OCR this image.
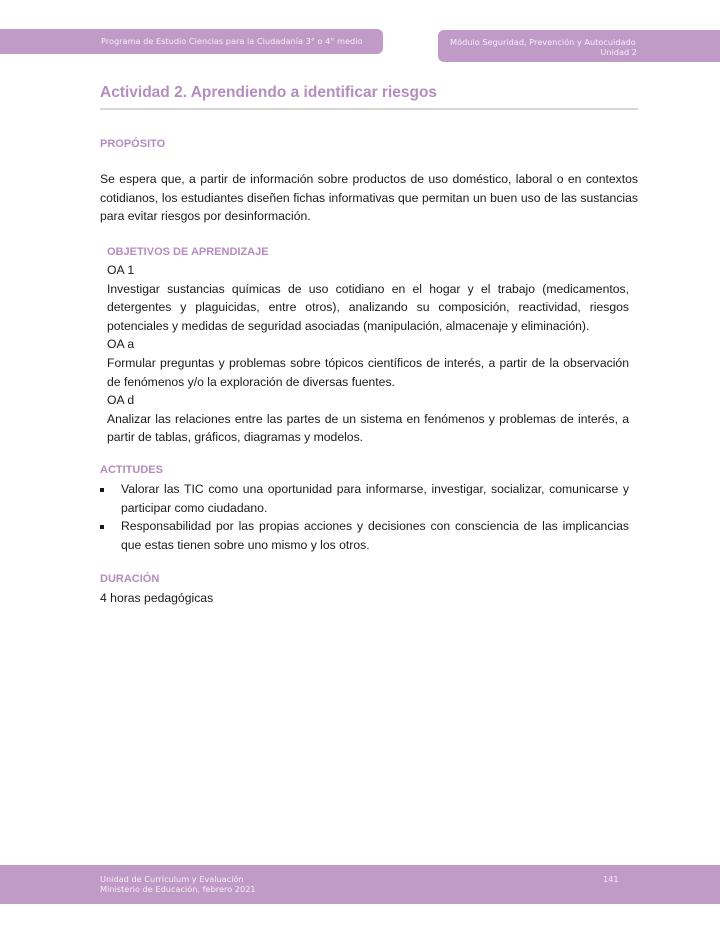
Programa de Estudio Ciencias para la Ciudadanía 3° o 4° medio	Módulo Seguridad, Prevención y Autocuidado
Unidad 2
Actividad 2. Aprendiendo a identificar riesgos
PROPÓSITO
Se espera que, a partir de información sobre productos de uso doméstico, laboral o en contextos cotidianos, los estudiantes diseñen fichas informativas que permitan un buen uso de las sustancias para evitar riesgos por desinformación.
OBJETIVOS DE APRENDIZAJE
OA 1
Investigar sustancias químicas de uso cotidiano en el hogar y el trabajo (medicamentos, detergentes y plaguicidas, entre otros), analizando su composición, reactividad, riesgos potenciales y medidas de seguridad asociadas (manipulación, almacenaje y eliminación).
OA a
Formular preguntas y problemas sobre tópicos científicos de interés, a partir de la observación de fenómenos y/o la exploración de diversas fuentes.
OA d
Analizar las relaciones entre las partes de un sistema en fenómenos y problemas de interés, a partir de tablas, gráficos, diagramas y modelos.
ACTITUDES
Valorar las TIC como una oportunidad para informarse, investigar, socializar, comunicarse y participar como ciudadano.
Responsabilidad por las propias acciones y decisiones con consciencia de las implicancias que estas tienen sobre uno mismo y los otros.
DURACIÓN
4 horas pedagógicas
Unidad de Currículum y Evaluación
Ministerio de Educación, febrero 2021
141
